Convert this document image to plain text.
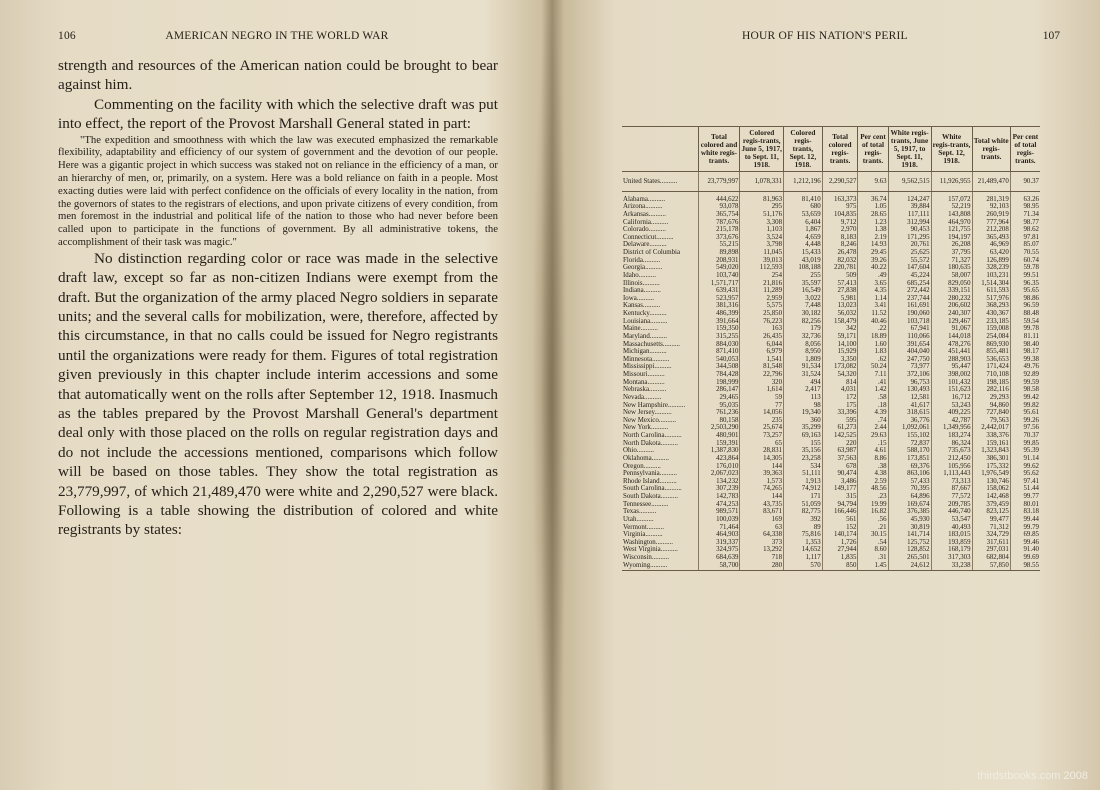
106	AMERICAN NEGRO IN THE WORLD WAR

strength and resources of the American nation could be brought to bear against him.

Commenting on the facility with which the selective draft was put into effect, the report of the Provost Marshall General stated in part:

"The expedition and smoothness with which the law was executed emphasized the remarkable flexibility, adaptability and efficiency of our system of government and the devotion of our people. Here was a gigantic project in which success was staked not on reliance in the efficiency of a man, or an hierarchy of men, or, primarily, on a system. Here was a bold reliance on faith in a people. Most exacting duties were laid with perfect confidence on the officials of every locality in the nation, from the governors of states to the registrars of elections, and upon private citizens of every condition, from men foremost in the industrial and political life of the nation to those who had never before been called upon to participate in the functions of government. By all administrative tokens, the accomplishment of their task was magic."

No distinction regarding color or race was made in the selective draft law, except so far as non-citizen Indians were exempt from the draft. But the organization of the army placed Negro soldiers in separate units; and the several calls for mobilization, were, therefore, affected by this circumstance, in that no calls could be issued for Negro registrants until the organizations were ready for them. Figures of total registration given previously in this chapter include interim accessions and some that automatically went on the rolls after September 12, 1918. Inasmuch as the tables prepared by the Provost Marshall General's department deal only with those placed on the rolls on regular registration days and do not include the accessions mentioned, comparisons which follow will be based on those tables. They show the total registration as 23,779,997, of which 21,489,470 were white and 2,290,527 were black. Following is a table showing the distribution of colored and white registrants by states:

HOUR OF HIS NATION'S PERIL	107
	Total colored and white regis-trants.	Colored regis-trants, June 5, 1917, to Sept. 11, 1918.	Colored regis-trants, Sept. 12, 1918.	Total colored regis-trants.	Per cent of total regis-trants.	White regis-trants, June 5, 1917, to Sept. 11, 1918.	White regis-trants, Sept. 12, 1918.	Total white regis-trants.	Per cent of total regis-trants.
United States..........	23,779,997	1,078,331	1,212,196	2,290,527	9.63	9,562,515	11,926,955	21,489,470	90.37
Alabama..........	444,622	81,963	81,410	163,373	36.74	124,247	157,072	281,319	63.26
Arizona..........	93,078	295	680	975	1.05	39,884	52,219	92,103	98.95
Arkansas..........	365,754	51,176	53,659	104,835	28.65	117,111	143,808	260,919	71.34
California..........	787,676	3,308	6,404	9,712	1.23	312,994	464,970	777,964	98.77
Colorado..........	215,178	1,103	1,867	2,970	1.38	90,453	121,755	212,208	98.62
Connecticut..........	373,676	3,524	4,659	8,183	2.19	171,295	194,197	365,493	97.81
Delaware..........	55,215	3,798	4,448	8,246	14.93	20,761	26,208	46,969	85.07
District of Columbia	89,898	11,045	15,433	26,478	29.45	25,625	37,795	63,420	70.55
Florida..........	208,931	39,013	43,019	82,032	39.26	55,572	71,327	126,899	60.74
Georgia..........	549,020	112,593	108,188	220,781	40.22	147,604	180,635	328,239	59.78
Idaho..........	103,740	254	255	509	.49	45,224	58,007	103,231	99.51
Illinois..........	1,571,717	21,816	35,597	57,413	3.65	685,254	829,050	1,514,304	96.35
Indiana..........	639,431	11,289	16,549	27,838	4.35	272,442	339,151	611,593	95.65
Iowa..........	523,957	2,959	3,022	5,981	1.14	237,744	280,232	517,976	98.86
Kansas..........	381,316	5,575	7,448	13,023	3.41	161,691	206,602	368,293	96.59
Kentucky..........	486,399	25,850	30,182	56,032	11.52	190,060	240,307	430,367	88.48
Louisiana..........	391,664	76,223	82,256	158,479	40.46	103,718	129,467	233,185	59.54
Maine..........	159,350	163	179	342	.22	67,941	91,067	159,008	99.78
Maryland..........	315,255	26,435	32,736	59,171	18.89	110,066	144,018	254,084	81.11
Massachusetts..........	884,030	6,044	8,056	14,100	1.60	391,654	478,276	869,930	98.40
Michigan..........	871,410	6,979	8,950	15,929	1.83	404,040	451,441	855,481	98.17
Minnesota..........	540,053	1,541	1,809	3,350	.62	247,750	288,903	536,653	99.38
Mississippi..........	344,508	81,548	91,534	173,082	50.24	73,977	95,447	171,424	49.76
Missouri..........	784,428	22,796	31,524	54,320	7.11	372,106	398,002	710,108	92.89
Montana..........	198,999	320	494	814	.41	96,753	101,432	198,185	99.59
Nebraska..........	286,147	1,614	2,417	4,031	1.42	130,493	151,623	282,116	98.58
Nevada..........	29,465	59	113	172	.58	12,581	16,712	29,293	99.42
New Hampshire..........	95,035	77	98	175	.18	41,617	53,243	94,860	99.82
New Jersey..........	761,236	14,056	19,340	33,396	4.39	318,615	409,225	727,840	95.61
New Mexico..........	80,158	235	360	595	.74	36,776	42,787	79,563	99.26
New York..........	2,503,290	25,674	35,299	61,273	2.44	1,092,061	1,349,956	2,442,017	97.56
North Carolina..........	480,901	73,257	69,163	142,525	29.63	155,102	183,274	338,376	70.37
North Dakota..........	159,391	65	155	220	.15	72,837	86,324	159,161	99.85
Ohio..........	1,387,830	28,831	35,156	63,987	4.61	588,170	735,673	1,323,843	95.39
Oklahoma..........	423,864	14,305	23,258	37,563	8.86	173,851	212,450	386,301	91.14
Oregon..........	176,010	144	534	678	.38	69,376	105,956	175,332	99.62
Pennsylvania..........	2,067,023	39,363	51,111	90,474	4.38	863,106	1,113,443	1,976,549	95.62
Rhode Island..........	134,232	1,573	1,913	3,486	2.59	57,433	73,313	130,746	97.41
South Carolina..........	307,239	74,265	74,912	149,177	48.56	70,395	87,667	158,062	51.44
South Dakota..........	142,783	144	171	315	.23	64,896	77,572	142,468	99.77
Tennessee..........	474,253	43,735	51,059	94,794	19.99	169,674	209,785	379,459	80.01
Texas..........	989,571	83,671	82,775	166,446	16.82	376,385	446,740	823,125	83.18
Utah..........	100,039	169	392	561	.56	45,930	53,547	99,477	99.44
Vermont..........	71,464	63	89	152	.21	30,819	40,493	71,312	99.79
Virginia..........	464,903	64,338	75,816	140,174	30.15	141,714	183,015	324,729	69.85
Washington..........	319,337	373	1,353	1,726	.54	125,752	193,859	317,611	99.46
West Virginia..........	324,975	13,292	14,652	27,944	8.60	128,852	168,179	297,031	91.40
Wisconsin..........	684,639	718	1,117	1,835	.31	265,501	317,303	682,804	99.69
Wyoming..........	58,700	280	570	850	1.45	24,612	33,238	57,850	98.55
thirdstbooks.com 2008
